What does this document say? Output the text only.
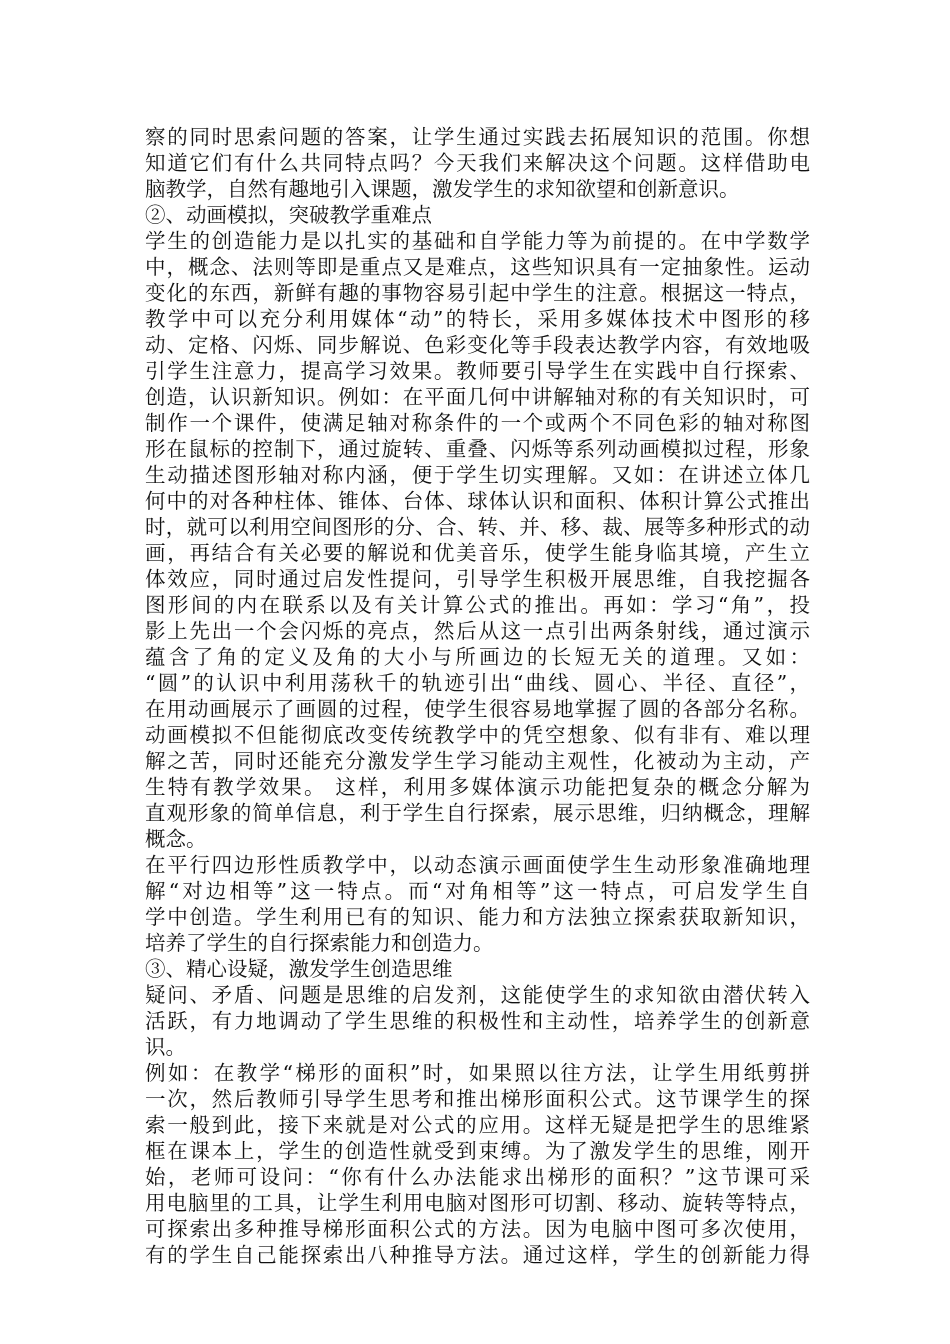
察的同时思索问题的答案，让学生通过实践去拓展知识的范围。你想
知道它们有什么共同特点吗？今天我们来解决这个问题。这样借助电
脑教学，自然有趣地引入课题，激发学生的求知欲望和创新意识。
②、动画模拟，突破教学重难点
学生的创造能力是以扎实的基础和自学能力等为前提的。在中学数学
中，概念、法则等即是重点又是难点，这些知识具有一定抽象性。运动
变化的东西，新鲜有趣的事物容易引起中学生的注意。根据这一特点，
教学中可以充分利用媒体“动”的特长，采用多媒体技术中图形的移
动、定格、闪烁、同步解说、色彩变化等手段表达教学内容，有效地吸
引学生注意力，提高学习效果。教师要引导学生在实践中自行探索、
创造，认识新知识。例如：在平面几何中讲解轴对称的有关知识时，可
制作一个课件，使满足轴对称条件的一个或两个不同色彩的轴对称图
形在鼠标的控制下，通过旋转、重叠、闪烁等系列动画模拟过程，形象
生动描述图形轴对称内涵，便于学生切实理解。又如：在讲述立体几
何中的对各种柱体、锥体、台体、球体认识和面积、体积计算公式推出
时，就可以利用空间图形的分、合、转、并、移、裁、展等多种形式的动
画，再结合有关必要的解说和优美音乐，使学生能身临其境，产生立
体效应，同时通过启发性提问，引导学生积极开展思维，自我挖掘各
图形间的内在联系以及有关计算公式的推出。再如：学习“角”，投
影上先出一个会闪烁的亮点，然后从这一点引出两条射线，通过演示
蕴含了角的定义及角的大小与所画边的长短无关的道理。又如：
“圆”的认识中利用荡秋千的轨迹引出“曲线、圆心、半径、直径”，
在用动画展示了画圆的过程，使学生很容易地掌握了圆的各部分名称。
动画模拟不但能彻底改变传统教学中的凭空想象、似有非有、难以理
解之苦，同时还能充分激发学生学习能动主观性，化被动为主动，产
生特有教学效果。 这样，利用多媒体演示功能把复杂的概念分解为
直观形象的简单信息，利于学生自行探索，展示思维，归纳概念，理解
概念。
在平行四边形性质教学中，以动态演示画面使学生生动形象准确地理
解“对边相等”这一特点。而“对角相等”这一特点，可启发学生自
学中创造。学生利用已有的知识、能力和方法独立探索获取新知识，
培养了学生的自行探索能力和创造力。
③、精心设疑，激发学生创造思维
疑问、矛盾、问题是思维的启发剂，这能使学生的求知欲由潜伏转入
活跃，有力地调动了学生思维的积极性和主动性，培养学生的创新意
识。
例如：在教学“梯形的面积”时，如果照以往方法，让学生用纸剪拼
一次，然后教师引导学生思考和推出梯形面积公式。这节课学生的探
索一般到此，接下来就是对公式的应用。这样无疑是把学生的思维紧
框在课本上，学生的创造性就受到束缚。为了激发学生的思维，刚开
始，老师可设问：“你有什么办法能求出梯形的面积？”这节课可采
用电脑里的工具，让学生利用电脑对图形可切割、移动、旋转等特点，
可探索出多种推导梯形面积公式的方法。因为电脑中图可多次使用，
有的学生自己能探索出八种推导方法。通过这样，学生的创新能力得
